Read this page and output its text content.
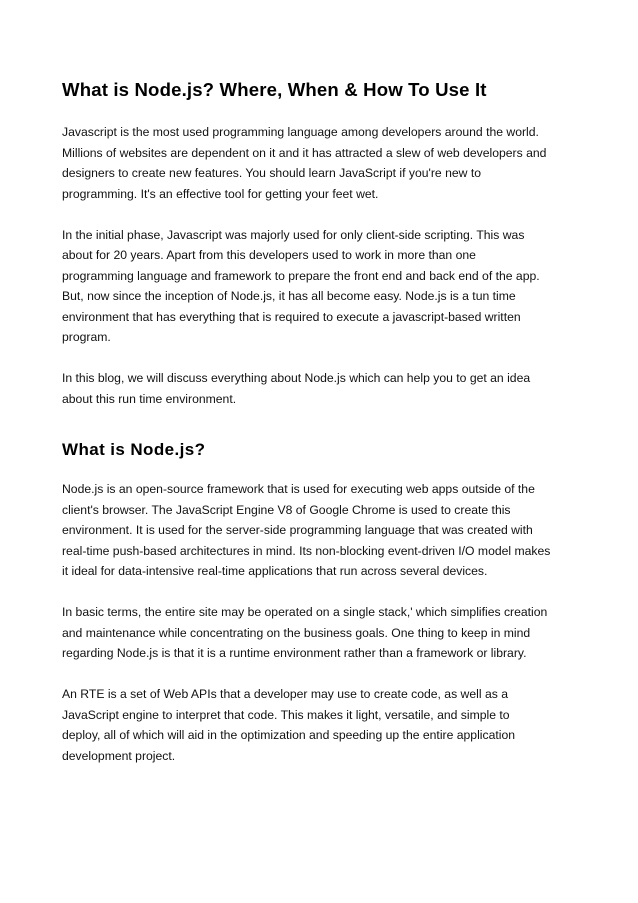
What is Node.js? Where, When & How To Use It

Javascript is the most used programming language among developers around the world.
Millions of websites are dependent on it and it has attracted a slew of web developers and
designers to create new features. You should learn JavaScript if you're new to
programming. It's an effective tool for getting your feet wet.

In the initial phase, Javascript was majorly used for only client-side scripting. This was
about for 20 years. Apart from this developers used to work in more than one
programming language and framework to prepare the front end and back end of the app.
But, now since the inception of Node.js, it has all become easy. Node.js is a tun time
environment that has everything that is required to execute a javascript-based written
program.

In this blog, we will discuss everything about Node.js which can help you to get an idea
about this run time environment.

What is Node.js?

Node.js is an open-source framework that is used for executing web apps outside of the
client's browser. The JavaScript Engine V8 of Google Chrome is used to create this
environment. It is used for the server-side programming language that was created with
real-time push-based architectures in mind. Its non-blocking event-driven I/O model makes
it ideal for data-intensive real-time applications that run across several devices.

In basic terms, the entire site may be operated on a single stack,' which simplifies creation
and maintenance while concentrating on the business goals. One thing to keep in mind
regarding Node.js is that it is a runtime environment rather than a framework or library.

An RTE is a set of Web APIs that a developer may use to create code, as well as a
JavaScript engine to interpret that code. This makes it light, versatile, and simple to
deploy, all of which will aid in the optimization and speeding up the entire application
development project.
